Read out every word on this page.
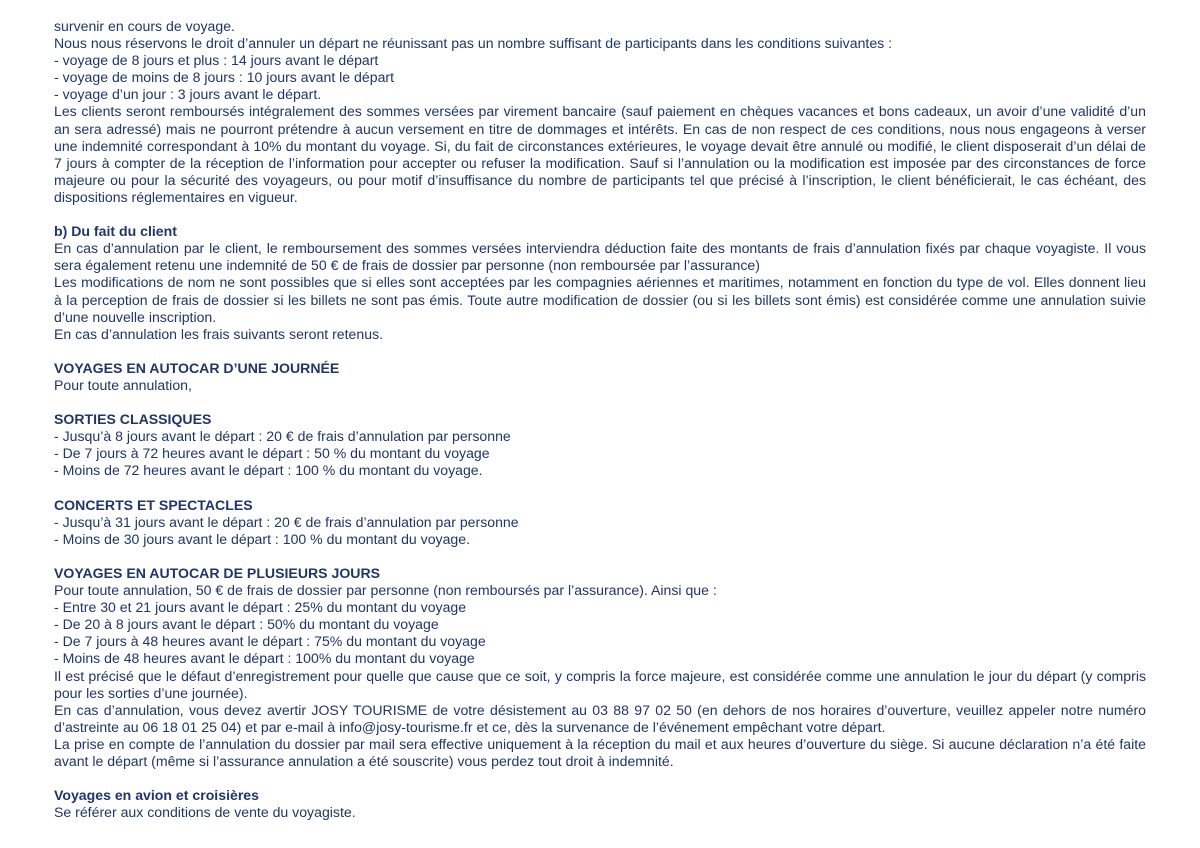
survenir en cours de voyage.

Nous nous réservons le droit d’annuler un départ ne réunissant pas un nombre suffisant de participants dans les conditions suivantes :

- voyage de 8 jours et plus : 14 jours avant le départ

- voyage de moins de 8 jours : 10 jours avant le départ

- voyage d’un jour : 3 jours avant le départ.

Les clients seront remboursés intégralement des sommes versées par virement bancaire (sauf paiement en chèques vacances et bons cadeaux, un avoir d’une validité d’un an sera adressé) mais ne pourront prétendre à aucun versement en titre de dommages et intérêts. En cas de non respect de ces conditions, nous nous engageons à verser une indemnité correspondant à 10% du montant du voyage. Si, du fait de circonstances extérieures, le voyage devait être annulé ou modifié, le client disposerait d’un délai de 7 jours à compter de la réception de l’information pour accepter ou refuser la modification. Sauf si l’annulation ou la modification est imposée par des circonstances de force majeure ou pour la sécurité des voyageurs, ou pour motif d’insuffisance du nombre de participants tel que précisé à l’inscription, le client bénéficierait, le cas échéant, des dispositions réglementaires en vigueur.

b) Du fait du client

En cas d’annulation par le client, le remboursement des sommes versées interviendra déduction faite des montants de frais d’annulation fixés par chaque voyagiste. Il vous sera également retenu une indemnité de 50 € de frais de dossier par personne (non remboursée par l’assurance)

Les modifications de nom ne sont possibles que si elles sont acceptées par les compagnies aériennes et maritimes, notamment en fonction du type de vol. Elles donnent lieu à la perception de frais de dossier si les billets ne sont pas émis. Toute autre modification de dossier (ou si les billets sont émis) est considérée comme une annulation suivie d’une nouvelle inscription.

En cas d’annulation les frais suivants seront retenus.

VOYAGES EN AUTOCAR D’UNE JOURNÉE

Pour toute annulation,

SORTIES CLASSIQUES

- Jusqu’à 8 jours avant le départ : 20 € de frais d’annulation par personne

- De 7 jours à 72 heures avant le départ : 50 % du montant du voyage

- Moins de 72 heures avant le départ : 100 % du montant du voyage.

CONCERTS ET SPECTACLES

- Jusqu’à 31 jours avant le départ : 20 € de frais d’annulation par personne

- Moins de 30 jours avant le départ : 100 % du montant du voyage.

VOYAGES EN AUTOCAR DE PLUSIEURS JOURS

Pour toute annulation, 50 € de frais de dossier par personne (non remboursés par l’assurance). Ainsi que :

- Entre 30 et 21 jours avant le départ : 25% du montant du voyage

- De 20 à 8 jours avant le départ : 50% du montant du voyage

- De 7 jours à 48 heures avant le départ : 75% du montant du voyage

- Moins de 48 heures avant le départ : 100% du montant du voyage

Il est précisé que le défaut d’enregistrement pour quelle que cause que ce soit, y compris la force majeure, est considérée comme une annulation le jour du départ (y compris pour les sorties d’une journée).

En cas d’annulation, vous devez avertir JOSY TOURISME de votre désistement au 03 88 97 02 50 (en dehors de nos horaires d’ouverture, veuillez appeler notre numéro d’astreinte au 06 18 01 25 04) et par e-mail à info@josy-tourisme.fr et ce, dès la survenance de l’événement empêchant votre départ.

La prise en compte de l’annulation du dossier par mail sera effective uniquement à la réception du mail et aux heures d’ouverture du siège. Si aucune déclaration n’a été faite avant le départ (même si l’assurance annulation a été souscrite) vous perdez tout droit à indemnité.

Voyages en avion et croisières

Se référer aux conditions de vente du voyagiste.
